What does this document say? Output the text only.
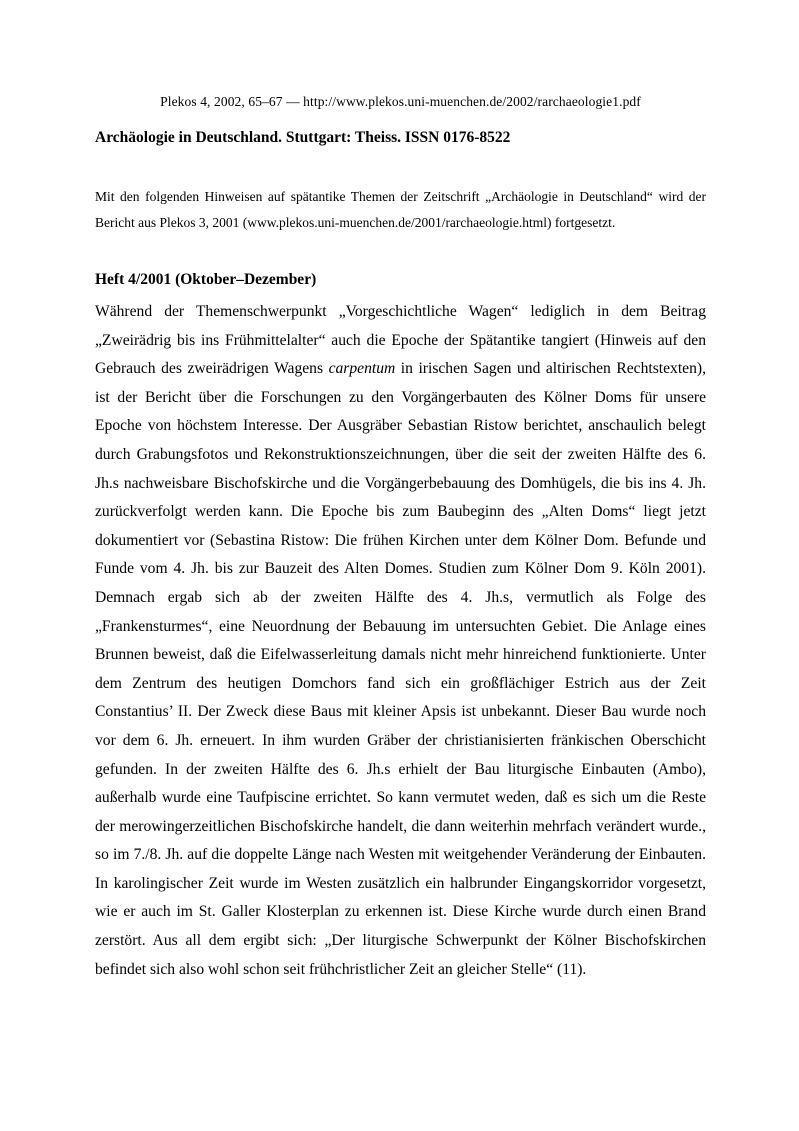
Plekos 4, 2002, 65–67 — http://www.plekos.uni-muenchen.de/2002/rarchaeologie1.pdf
Archäologie in Deutschland. Stuttgart: Theiss. ISSN 0176-8522

Mit den folgenden Hinweisen auf spätantike Themen der Zeitschrift „Archäologie in Deutschland“ wird der Bericht aus Plekos 3, 2001 (www.plekos.uni-muenchen.de/2001/rarchaeologie.html) fortgesetzt.

Heft 4/2001 (Oktober–Dezember)

Während der Themenschwerpunkt „Vorgeschichtliche Wagen“ lediglich in dem Beitrag „Zweirädrig bis ins Frühmittelalter“ auch die Epoche der Spätantike tangiert (Hinweis auf den Gebrauch des zweirädrigen Wagens carpentum in irischen Sagen und altirischen Rechtstexten), ist der Bericht über die Forschungen zu den Vorgängerbauten des Kölner Doms für unsere Epoche von höchstem Interesse. Der Ausgräber Sebastian Ristow berichtet, anschaulich belegt durch Grabungsfotos und Rekonstruktionszeichnungen, über die seit der zweiten Hälfte des 6. Jh.s nachweisbare Bischofskirche und die Vorgängerbebauung des Domhügels, die bis ins 4. Jh. zurückverfolgt werden kann. Die Epoche bis zum Baubeginn des „Alten Doms“ liegt jetzt dokumentiert vor (Sebastina Ristow: Die frühen Kirchen unter dem Kölner Dom. Befunde und Funde vom 4. Jh. bis zur Bauzeit des Alten Domes. Studien zum Kölner Dom 9. Köln 2001). Demnach ergab sich ab der zweiten Hälfte des 4. Jh.s, vermutlich als Folge des „Frankensturmes“, eine Neuordnung der Bebauung im untersuchten Gebiet. Die Anlage eines Brunnen beweist, daß die Eifelwasserleitung damals nicht mehr hinreichend funktionierte. Unter dem Zentrum des heutigen Domchors fand sich ein großflächiger Estrich aus der Zeit Constantius’ II. Der Zweck diese Baus mit kleiner Apsis ist unbekannt. Dieser Bau wurde noch vor dem 6. Jh. erneuert. In ihm wurden Gräber der christianisierten fränkischen Oberschicht gefunden. In der zweiten Hälfte des 6. Jh.s erhielt der Bau liturgische Einbauten (Ambo), außerhalb wurde eine Taufpiscine errichtet. So kann vermutet weden, daß es sich um die Reste der merowingerzeitlichen Bischofskirche handelt, die dann weiterhin mehrfach verändert wurde., so im 7./8. Jh. auf die doppelte Länge nach Westen mit weitgehender Veränderung der Einbauten. In karolingischer Zeit wurde im Westen zusätzlich ein halbrunder Eingangskorridor vorgesetzt, wie er auch im St. Galler Klosterplan zu erkennen ist. Diese Kirche wurde durch einen Brand zerstört. Aus all dem ergibt sich: „Der liturgische Schwerpunkt der Kölner Bischofskirchen befindet sich also wohl schon seit frühchristlicher Zeit an gleicher Stelle“ (11).
